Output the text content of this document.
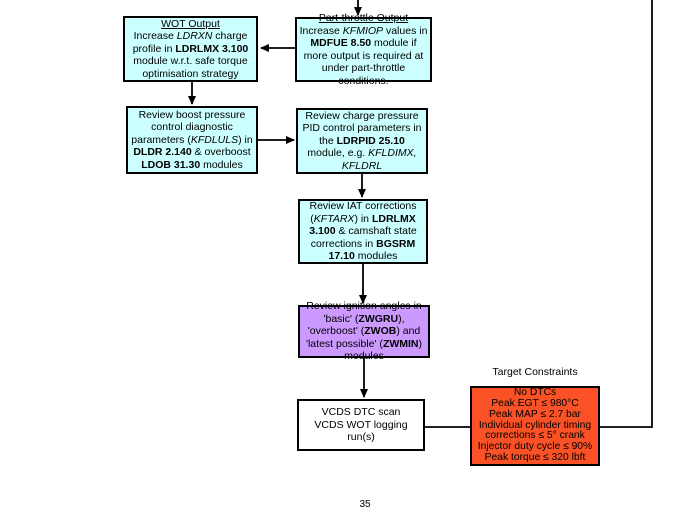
WOT Output
Increase LDRXN charge profile in LDRLMX 3.100 module w.r.t. safe torque optimisation strategy
Part-throttle Output
Increase KFMIOP values in MDFUE 8.50 module if more output is required at under part-throttle conditions.
Review boost pressure control diagnostic parameters (KFDLULS) in DLDR 2.140 & overboost LDOB 31.30 modules
Review charge pressure PID control parameters in the LDRPID 25.10 module, e.g. KFLDIMX, KFLDRL
Review IAT corrections (KFTARX) in LDRLMX 3.100 & camshaft state corrections in BGSRM 17.10 modules
Review ignition angles in 'basic' (ZWGRU), 'overboost' (ZWOB) and 'latest possible' (ZWMIN) modules
VCDS DTC scan
VCDS WOT logging run(s)
Target Constraints
No DTCs
Peak EGT ≤ 980°C
Peak MAP ≤ 2.7 bar
Individual cylinder timing corrections ≤ 5° crank
Injector duty cycle ≤ 90%
Peak torque ≤ 320 lbft
35
